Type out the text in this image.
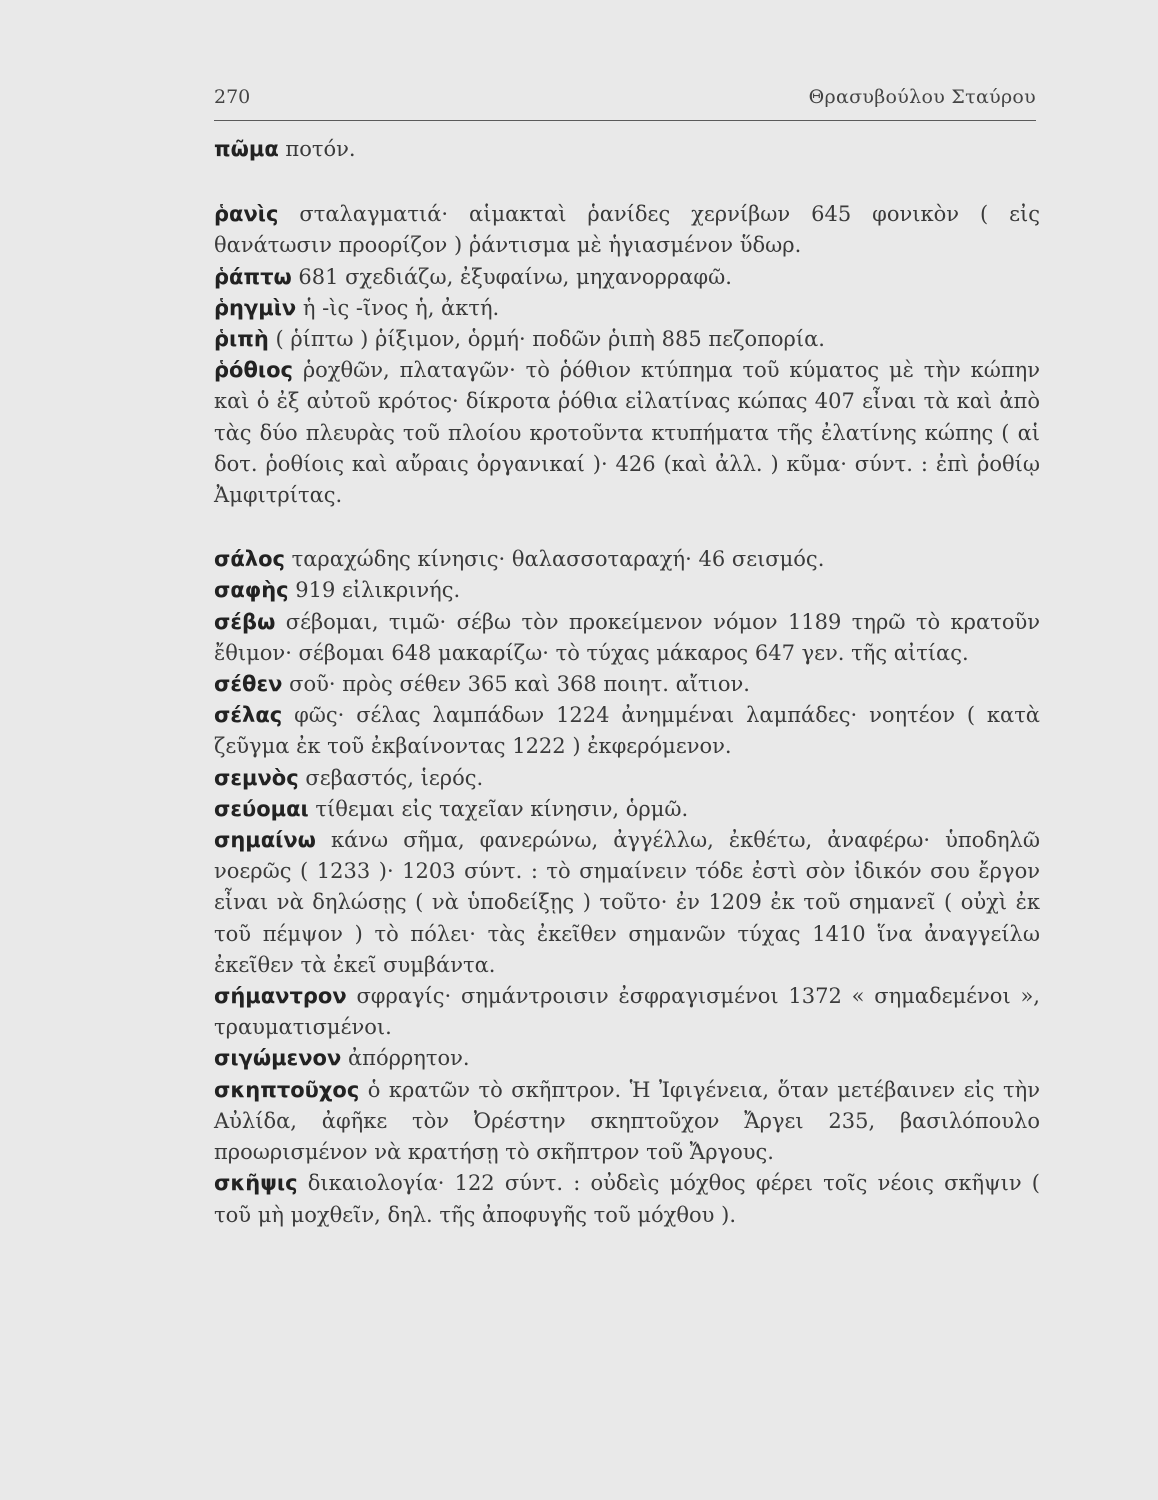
270	Θρασυβούλου Σταύρου

πῶμα ποτόν.

ῥανὶς σταλαγματιά· αἱμακταὶ ῥανίδες χερνίβων 645 φονικὸν ( εἰς θανάτωσιν προορίζον ) ῥάντισμα μὲ ἡγιασμένον ὕδωρ.

ῥάπτω 681 σχεδιάζω, ἐξυφαίνω, μηχανορραφῶ.

ῥηγμὶν ἡ -ὶς -ῖνος ἡ, ἀκτή.

ῥιπὴ ( ῥίπτω ) ῥίξιμον, ὁρμή· ποδῶν ῥιπὴ 885 πεζοπορία.

ῥόθιος ῥοχθῶν, πλαταγῶν· τὸ ῥόθιον κτύπημα τοῦ κύματος μὲ τὴν κώπην καὶ ὁ ἐξ αὐτοῦ κρότος· δίκροτα ῥόθια εἰλατίνας κώπας 407 εἶναι τὰ καὶ ἀπὸ τὰς δύο πλευρὰς τοῦ πλοίου κροτοῦντα κτυπήματα τῆς ἐλατίνης κώπης ( αἱ δοτ. ῥοθίοις καὶ αὔραις ὀργανικαί )· 426 (καὶ ἀλλ. ) κῦμα· σύντ. : ἐπὶ ῥοθίῳ Ἀμφιτρίτας.

σάλος ταραχώδης κίνησις· θαλασσοταραχή· 46 σεισμός.

σαφὴς 919 εἰλικρινής.

σέβω σέβομαι, τιμῶ· σέβω τὸν προκείμενον νόμον 1189 τηρῶ τὸ κρατοῦν ἔθιμον· σέβομαι 648 μακαρίζω· τὸ τύχας μάκαρος 647 γεν. τῆς αἰτίας.

σέθεν σοῦ· πρὸς σέθεν 365 καὶ 368 ποιητ. αἴτιον.

σέλας φῶς· σέλας λαμπάδων 1224 ἀνημμέναι λαμπάδες· νοητέον ( κατὰ ζεῦγμα ἐκ τοῦ ἐκβαίνοντας 1222 ) ἐκφερόμενον.

σεμνὸς σεβαστός, ἱερός.

σεύομαι τίθεμαι εἰς ταχεῖαν κίνησιν, ὁρμῶ.

σημαίνω κάνω σῆμα, φανερώνω, ἀγγέλλω, ἐκθέτω, ἀναφέρω· ὑποδηλῶ νοερῶς ( 1233 )· 1203 σύντ. : τὸ σημαίνειν τόδε ἐστὶ σὸν ἰδικόν σου ἔργον εἶναι νὰ δηλώσῃς ( νὰ ὑποδείξῃς ) τοῦτο· ἐν 1209 ἐκ τοῦ σημανεῖ ( οὐχὶ ἐκ τοῦ πέμψον ) τὸ πόλει· τὰς ἐκεῖθεν σημανῶν τύχας 1410 ἵνα ἀναγγείλω ἐκεῖθεν τὰ ἐκεῖ συμβάντα.

σήμαντρον σφραγίς· σημάντροισιν ἐσφραγισμένοι 1372 « σημαδεμένοι », τραυματισμένοι.

σιγώμενον ἀπόρρητον.

σκηπτοῦχος ὁ κρατῶν τὸ σκῆπτρον. Ἡ Ἰφιγένεια, ὅταν μετέβαινεν εἰς τὴν Αὐλίδα, ἀφῆκε τὸν Ὀρέστην σκηπτοῦχον Ἄργει 235, βασιλόπουλο προωρισμένον νὰ κρατήσῃ τὸ σκῆπτρον τοῦ Ἄργους.

σκῆψις δικαιολογία· 122 σύντ. : οὐδεὶς μόχθος φέρει τοῖς νέοις σκῆψιν ( τοῦ μὴ μοχθεῖν, δηλ. τῆς ἀποφυγῆς τοῦ μόχθου ).
